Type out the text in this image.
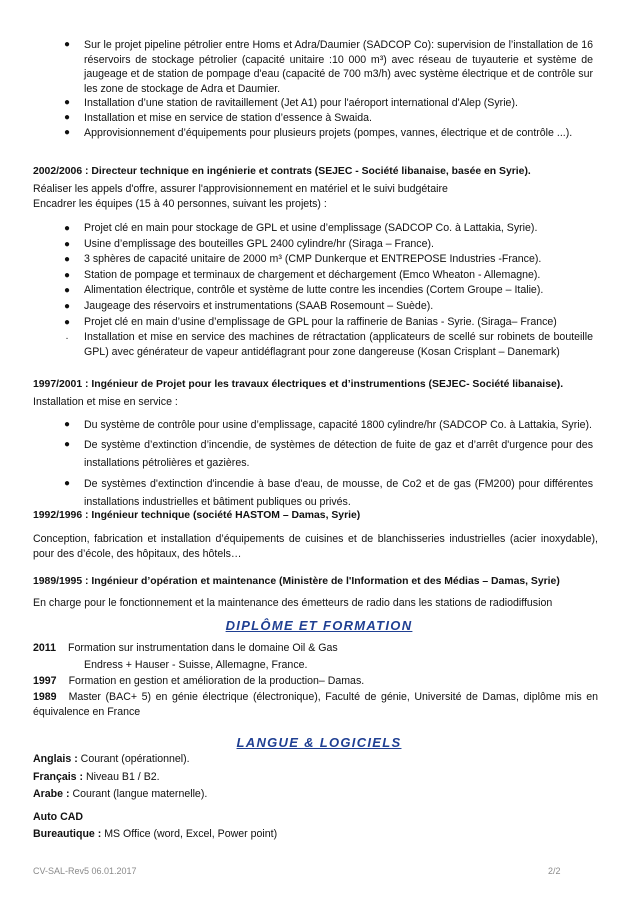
● Sur le projet pipeline pétrolier entre Homs et Adra/Daumier (SADCOP Co): supervision de l’installation de 16 réservoirs de stockage pétrolier (capacité unitaire :10 000 m³) avec réseau de tuyauterie et système de jaugeage et de station de pompage d'eau (capacité de 700 m3/h) avec système électrique et de contrôle sur les zone de stockage de Adra et Daumier.
● Installation d’une station de ravitaillement (Jet A1) pour l'aéroport international d'Alep (Syrie).
● Installation et mise en service de station d’essence à Swaida.
● Approvisionnement d’équipements pour plusieurs projets (pompes, vannes, électrique et de contrôle ...).
2002/2006 : Directeur technique en ingénierie et contrats (SEJEC - Société libanaise, basée en Syrie).
Réaliser les appels d'offre, assurer l'approvisionnement en matériel et le suivi budgétaire
Encadrer les équipes (15 à 40 personnes, suivant les projets) :
● Projet clé en main pour stockage de GPL et usine d’emplissage (SADCOP Co. à Lattakia, Syrie).
● Usine d’emplissage des bouteilles GPL 2400 cylindre/hr (Siraga – France).
● 3 sphères de capacité unitaire de 2000 m³ (CMP Dunkerque et ENTREPOSE Industries -France).
● Station de pompage et terminaux de chargement et déchargement (Emco Wheaton - Allemagne).
● Alimentation électrique, contrôle et système de lutte contre les incendies (Cortem Groupe – Italie).
● Jaugeage des réservoirs et instrumentations (SAAB Rosemount – Suède).
● Projet clé en main d’usine d’emplissage de GPL pour la raffinerie de Banias - Syrie. (Siraga– France)
.	Installation et mise en service des machines de rétractation (applicateurs de scellé sur robinets de bouteille GPL) avec générateur de vapeur antidéflagrant pour zone dangereuse (Kosan Crisplant – Danemark)
1997/2001 : Ingénieur de Projet pour les travaux électriques et d’instrumentions (SEJEC- Société libanaise).
Installation et mise en service :
● Du système de contrôle pour usine d’emplissage, capacité 1800 cylindre/hr (SADCOP Co. à Lattakia, Syrie).
● De système d’extinction d’incendie, de systèmes de détection de fuite de gaz et d’arrêt d'urgence pour des installations pétrolières et gazières.
● De systèmes d'extinction d'incendie à base d'eau, de mousse, de Co2 et de gas (FM200) pour différentes installations industrielles et bâtiment publiques ou privés.
1992/1996 : Ingénieur technique (société HASTOM – Damas, Syrie)
Conception, fabrication et installation d’équipements de cuisines et de blanchisseries industrielles (acier inoxydable), pour des d’école, des hôpitaux, des hôtels…
1989/1995 : Ingénieur d’opération et maintenance (Ministère de l'Information et des Médias – Damas, Syrie)
En charge pour le fonctionnement et la maintenance des émetteurs de radio dans les stations de radiodiffusion
DIPLÔME ET FORMATION
2011 Formation sur instrumentation dans le domaine Oil & Gas
Endress + Hauser - Suisse, Allemagne, France.
1997 Formation en gestion et amélioration de la production– Damas.
1989 Master (BAC+ 5) en génie électrique (électronique), Faculté de génie, Université de Damas, diplôme mis en équivalence en France
LANGUE & LOGICIELS
Anglais : Courant (opérationnel).
Français : Niveau B1 / B2.
Arabe : Courant (langue maternelle).
Auto CAD
Bureautique : MS Office (word, Excel, Power point)
CV-SAL-Rev5 06.01.2017	2/2
